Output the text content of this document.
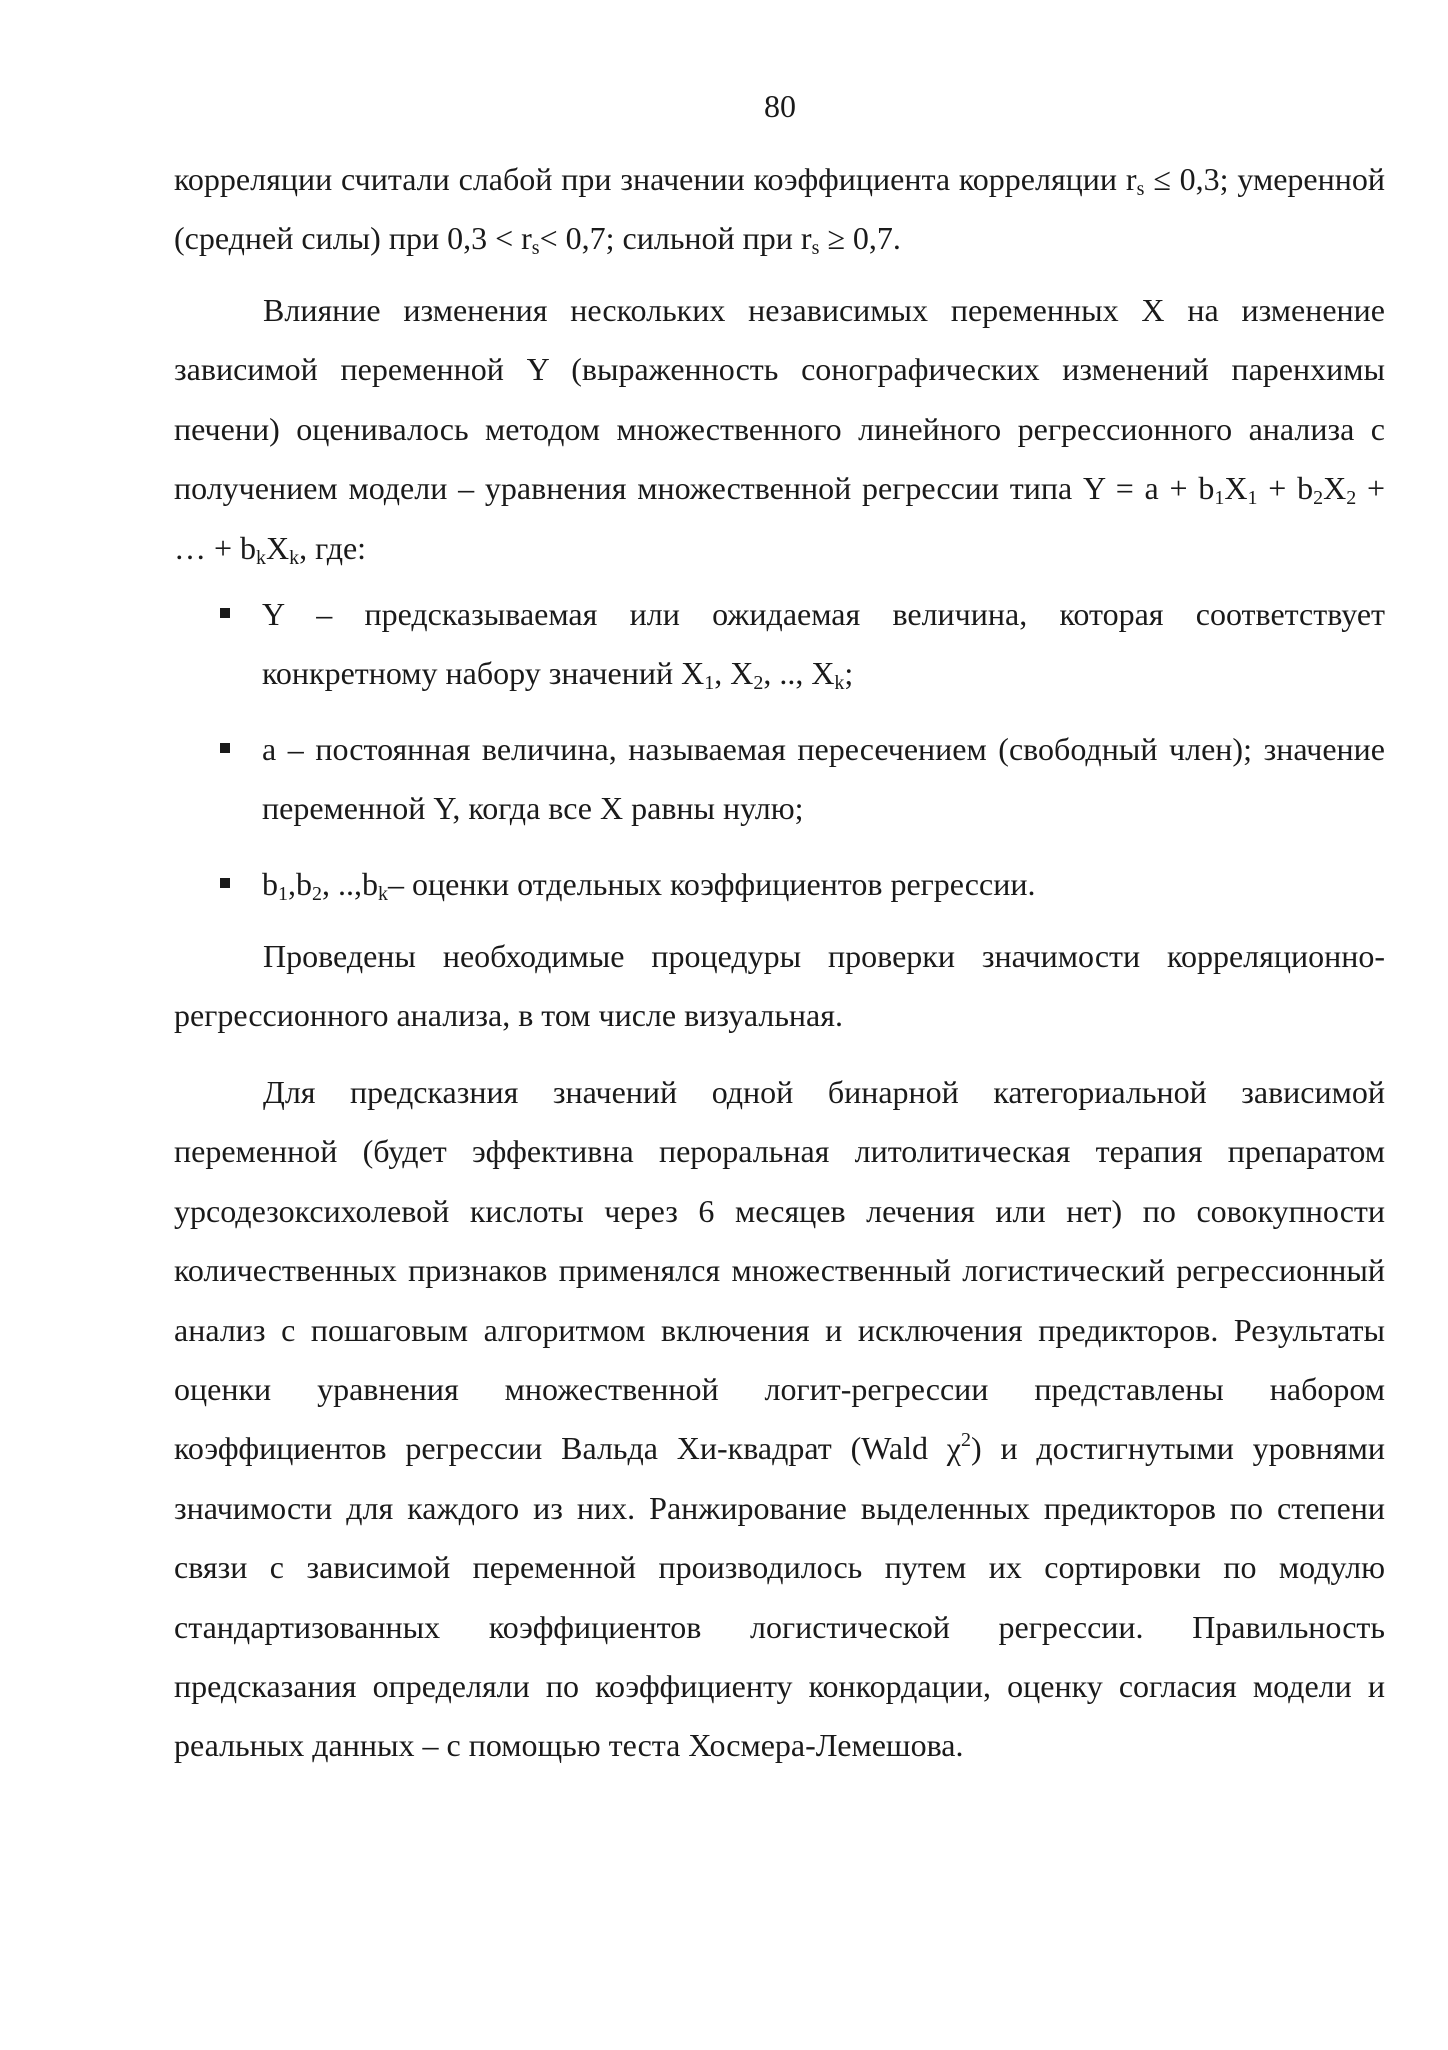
80

корреляции считали слабой при значении коэффициента корреляции $r_s \le 0,3$; умеренной (средней силы) при $0,3 < r_s< 0,7$; сильной при $r_s \ge 0,7$.

Влияние изменения нескольких независимых переменных X на изменение зависимой переменной Y (выраженность сонографических изменений паренхимы печени) оценивалось методом множественного линейного регрессионного анализа с получением модели – уравнения множественной регрессии типа $Y = a + b_1X_1 + b_2X_2$ + … + $b_kX_k$, где:

Y – предсказываемая или ожидаемая величина, которая соответствует конкретному набору значений $X_1$, $X_2$, .., $X_k$;
a – постоянная величина, называемая пересечением (свободный член); значение переменной Y, когда все X равны нулю;
$b_1,b_2$, $..,b_k-$ оценки отдельных коэффициентов регрессии.

Проведены необходимые процедуры проверки значимости корреляционно-регрессионного анализа, в том числе визуальная.

Для предсказния значений одной бинарной категориальной зависимой переменной (будет эффективна пероральная литолитическая терапия препаратом урсодезоксихолевой кислоты через 6 месяцев лечения или нет) по совокупности количественных признаков применялся множественный логистический регрессионный анализ с пошаговым алгоритмом включения и исключения предикторов. Результаты оценки уравнения множественной логит-регрессии представлены набором коэффициентов регрессии Вальда Хи-квадрат (Wald $\chi^2$) и достигнутыми уровнями значимости для каждого из них. Ранжирование выделенных предикторов по степени связи с зависимой переменной производилось путем их сортировки по модулю стандартизованных коэффициентов логистической регрессии. Правильность предсказания определяли по коэффициенту конкордации, оценку согласия модели и реальных данных – с помощью теста Хосмера-Лемешова.
